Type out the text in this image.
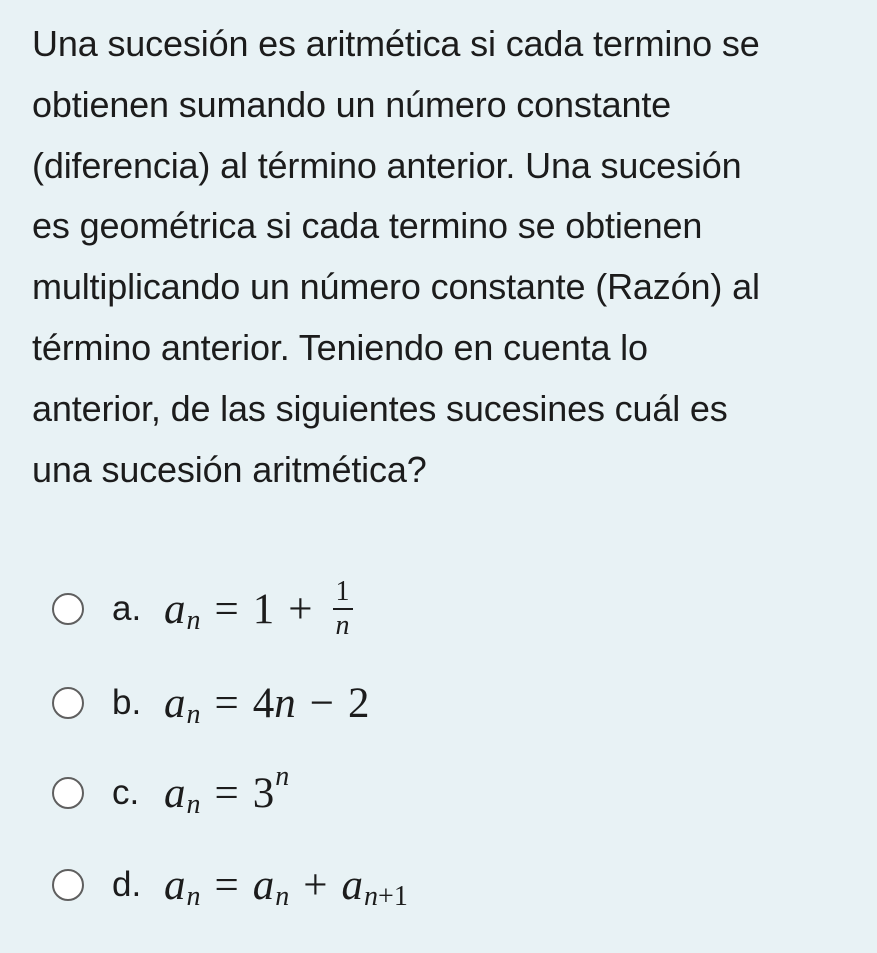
Una sucesión es aritmética si cada termino se
obtienen sumando un número constante
(diferencia) al término anterior. Una sucesión
es geométrica si cada termino se obtienen
multiplicando un número constante (Razón) al
término anterior. Teniendo en cuenta lo
anterior, de las siguientes sucesines cuál es
una sucesión aritmética?
a. a $n = 1 + \frac{1}{n}$
b. a n = 4 n − 2
c. a n = 3 n
d. a n = a n + a n+1
